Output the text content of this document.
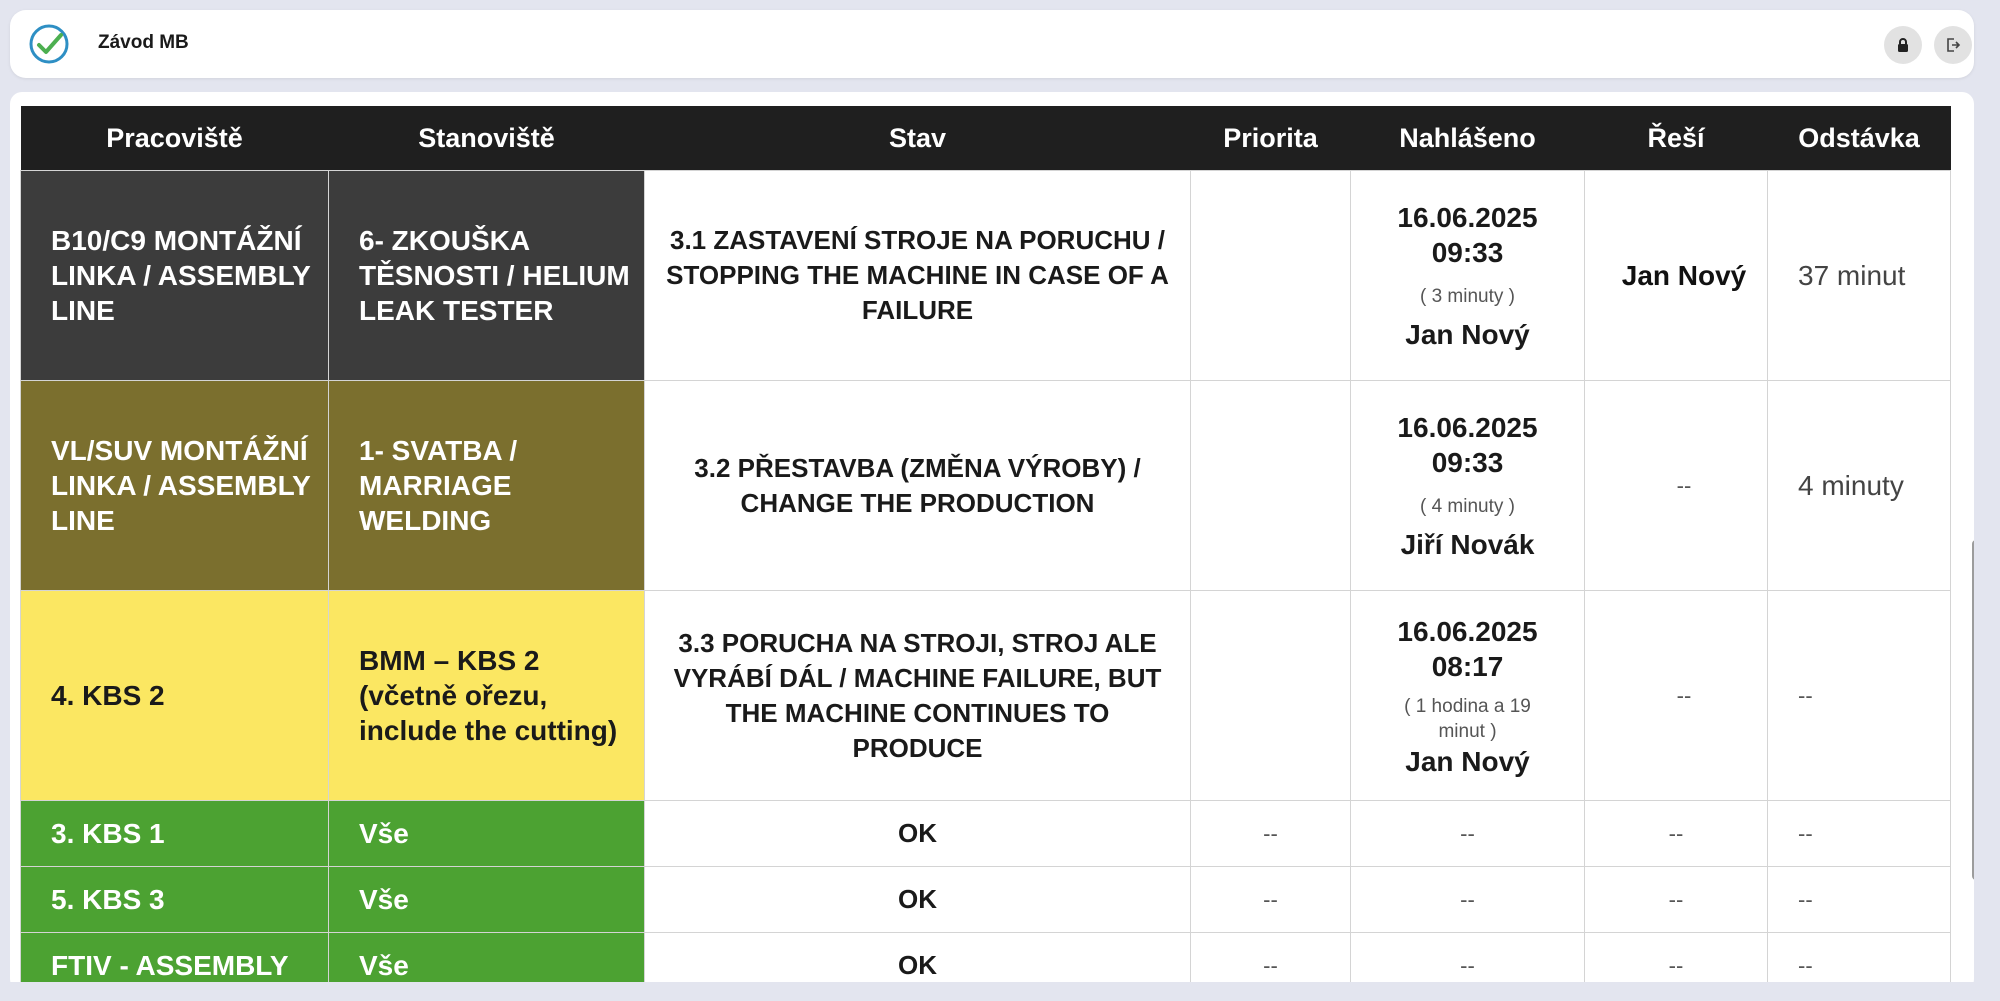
Závod MB
Pracoviště	Stanoviště	Stav	Priorita	Nahlášeno	Řeší	Odstávka
B10/C9 MONTÁŽNÍ LINKA / ASSEMBLY LINE	6- ZKOUŠKA TĚSNOSTI / HELIUM LEAK TESTER	3.1 ZASTAVENÍ STROJE NA PORUCHU / STOPPING THE MACHINE IN CASE OF A FAILURE		16.06.2025
09:33
( 3 minuty )
Jan Nový	Jan Nový	37 minut
VL/SUV MONTÁŽNÍ LINKA / ASSEMBLY LINE	1- SVATBA / MARRIAGE WELDING	3.2 PŘESTAVBA (ZMĚNA VÝROBY) / CHANGE THE PRODUCTION		16.06.2025
09:33
( 4 minuty )
Jiří Novák	--	4 minuty
4. KBS 2	BMM – KBS 2 (včetně ořezu, include the cutting)	3.3 PORUCHA NA STROJI, STROJ ALE VYRÁBÍ DÁL / MACHINE FAILURE, BUT THE MACHINE CONTINUES TO PRODUCE		16.06.2025
08:17
( 1 hodina a 19 minut )
Jan Nový	--	--
3. KBS 1	Vše	OK	--	--	--	--
5. KBS 3	Vše	OK	--	--	--	--
FTIV - ASSEMBLY	Vše	OK	--	--	--	--
